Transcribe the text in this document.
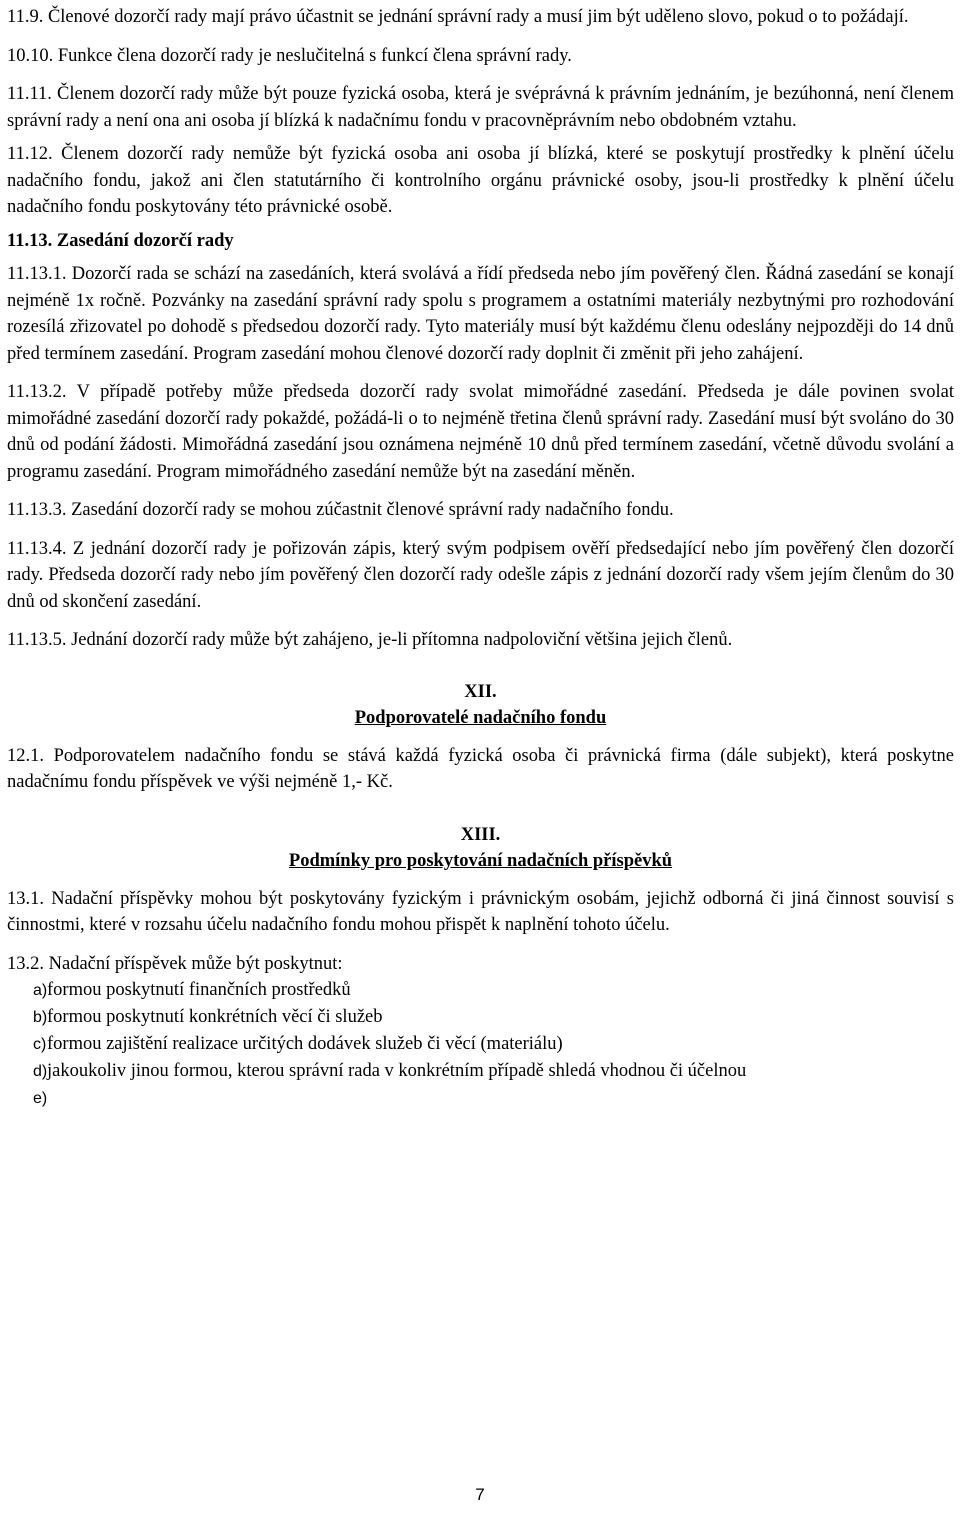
11.9. Členové dozorčí rady mají právo účastnit se jednání správní rady a musí jim být uděleno slovo, pokud o to požádají.

10.10. Funkce člena dozorčí rady je neslučitelná s funkcí člena správní rady.

11.11. Členem dozorčí rady může být pouze fyzická osoba, která je svéprávná k právním jednáním, je bezúhonná, není členem správní rady a není ona ani osoba jí blízká k nadačnímu fondu v pracovněprávním nebo obdobném vztahu.

11.12. Členem dozorčí rady nemůže být fyzická osoba ani osoba jí blízká, které se poskytují prostředky k plnění účelu nadačního fondu, jakož ani člen statutárního či kontrolního orgánu právnické osoby, jsou-li prostředky k plnění účelu nadačního fondu poskytovány této právnické osobě.

11.13. Zasedání dozorčí rady

11.13.1. Dozorčí rada se schází na zasedáních, která svolává a řídí předseda nebo jím pověřený člen. Řádná zasedání se konají nejméně 1x ročně. Pozvánky na zasedání správní rady spolu s programem a ostatními materiály nezbytnými pro rozhodování rozesílá zřizovatel po dohodě s předsedou dozorčí rady. Tyto materiály musí být každému členu odeslány nejpozději do 14 dnů před termínem zasedání. Program zasedání mohou členové dozorčí rady doplnit či změnit při jeho zahájení.

11.13.2. V případě potřeby může předseda dozorčí rady svolat mimořádné zasedání. Předseda je dále povinen svolat mimořádné zasedání dozorčí rady pokaždé, požádá-li o to nejméně třetina členů správní rady. Zasedání musí být svoláno do 30 dnů od podání žádosti. Mimořádná zasedání jsou oznámena nejméně 10 dnů před termínem zasedání, včetně důvodu svolání a programu zasedání. Program mimořádného zasedání nemůže být na zasedání měněn.

11.13.3. Zasedání dozorčí rady se mohou zúčastnit členové správní rady nadačního fondu.

11.13.4. Z jednání dozorčí rady je pořizován zápis, který svým podpisem ověří předsedající nebo jím pověřený člen dozorčí rady. Předseda dozorčí rady nebo jím pověřený člen dozorčí rady odešle zápis z jednání dozorčí rady všem jejím členům do 30 dnů od skončení zasedání.

11.13.5. Jednání dozorčí rady může být zahájeno, je-li přítomna nadpoloviční většina jejich členů.

XII.

Podporovatelé nadačního fondu

12.1. Podporovatelem nadačního fondu se stává každá fyzická osoba či právnická firma (dále subjekt), která poskytne nadačnímu fondu příspěvek ve výši nejméně 1,- Kč.

XIII.

Podmínky pro poskytování nadačních příspěvků

13.1. Nadační příspěvky mohou být poskytovány fyzickým i právnickým osobám, jejichž odborná či jiná činnost souvisí s činnostmi, které v rozsahu účelu nadačního fondu mohou přispět k naplnění tohoto účelu.

13.2. Nadační příspěvek může být poskytnut:

a) formou poskytnutí finančních prostředků
b) formou poskytnutí konkrétních věcí či služeb
c) formou zajištění realizace určitých dodávek služeb či věcí (materiálu)
d) jakoukoliv jinou formou, kterou správní rada v konkrétním případě shledá vhodnou či účelnou
e)
7
